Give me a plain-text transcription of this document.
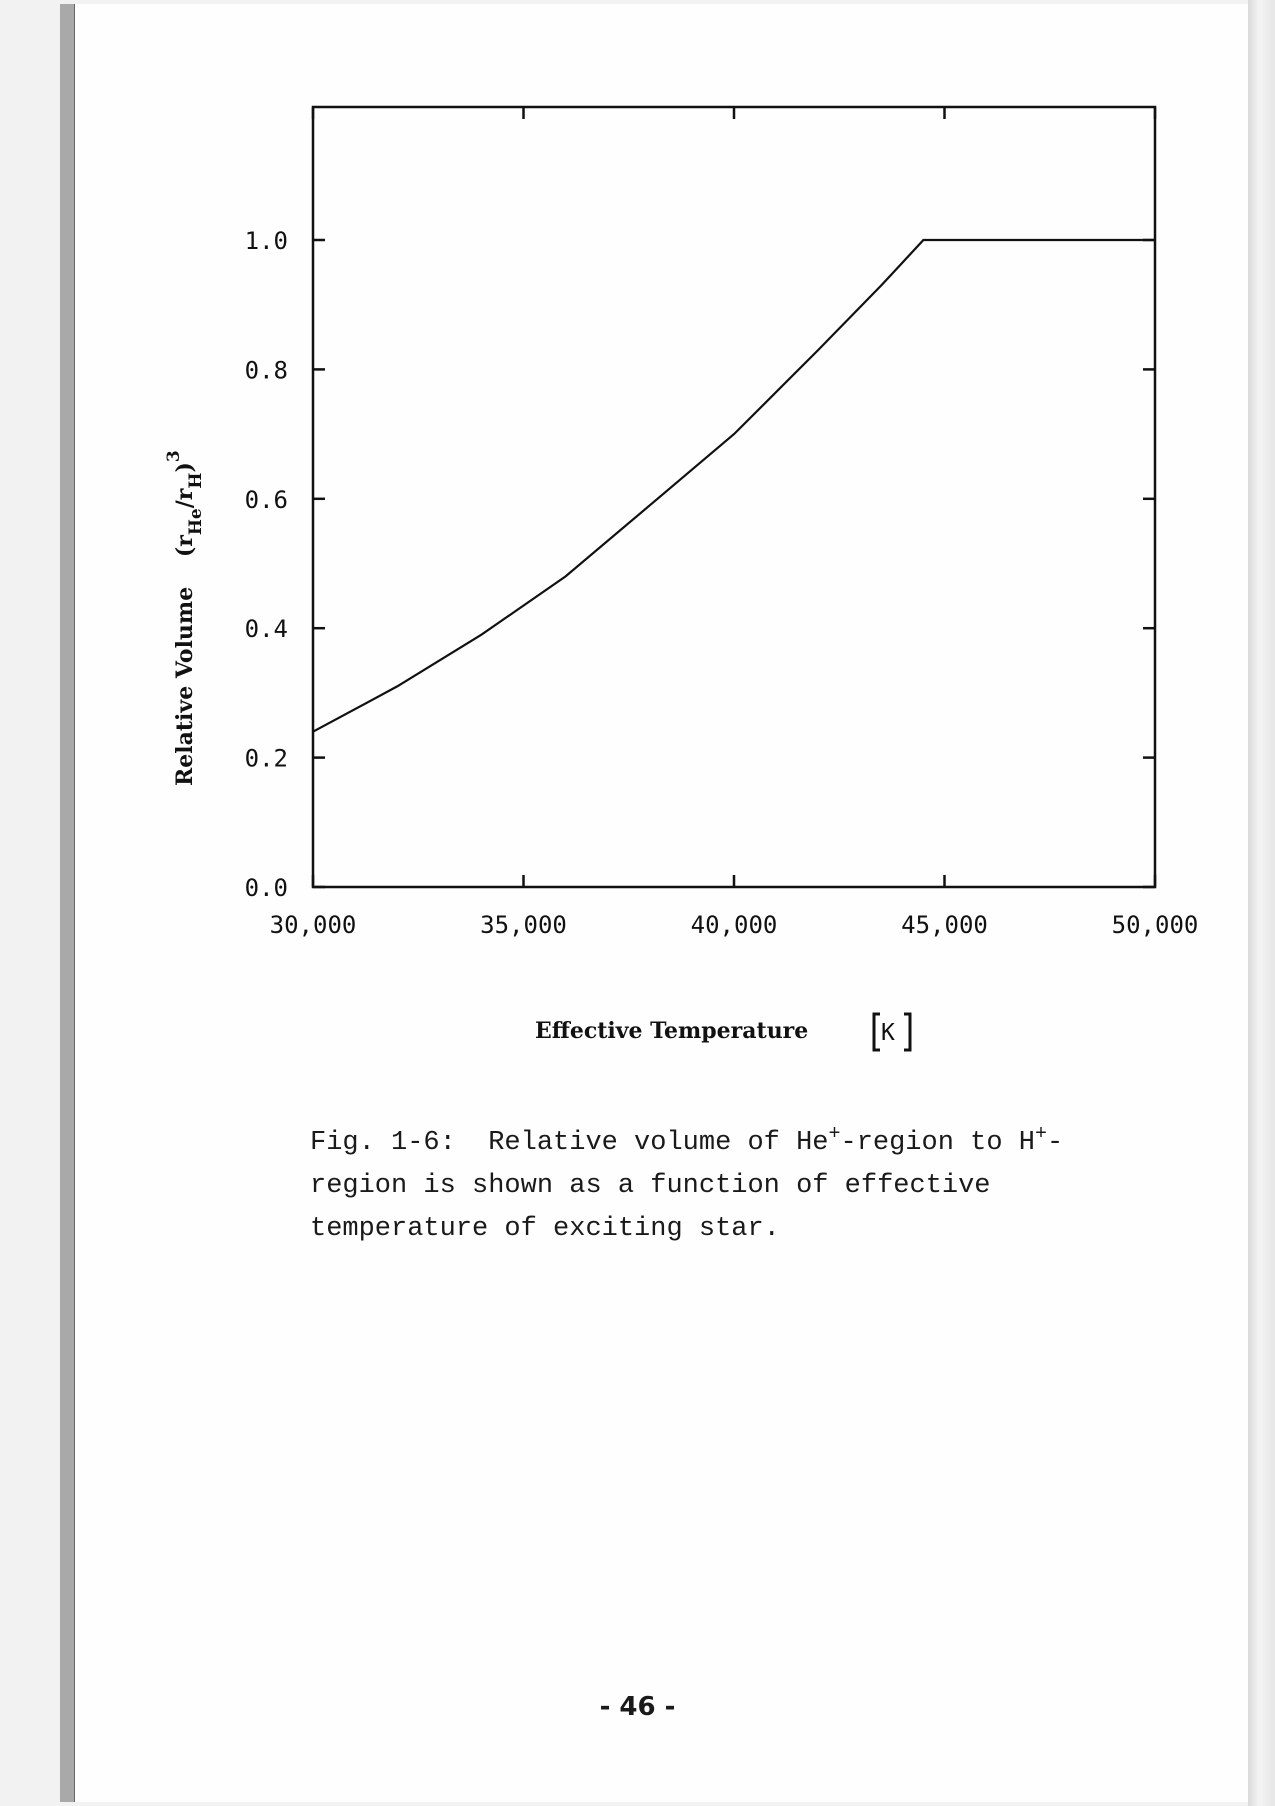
30,000	35,000	40,000	45,000	50,000
0.0
0.2
0.4
0.6
0.8
1.0
Effective Temperature	K
Relative Volume $(r_{He}/r_H)^3$

Fig. 1-6:  Relative volume of He+-region to H+-
region is shown as a function of effective
temperature of exciting star.

- 46 -
